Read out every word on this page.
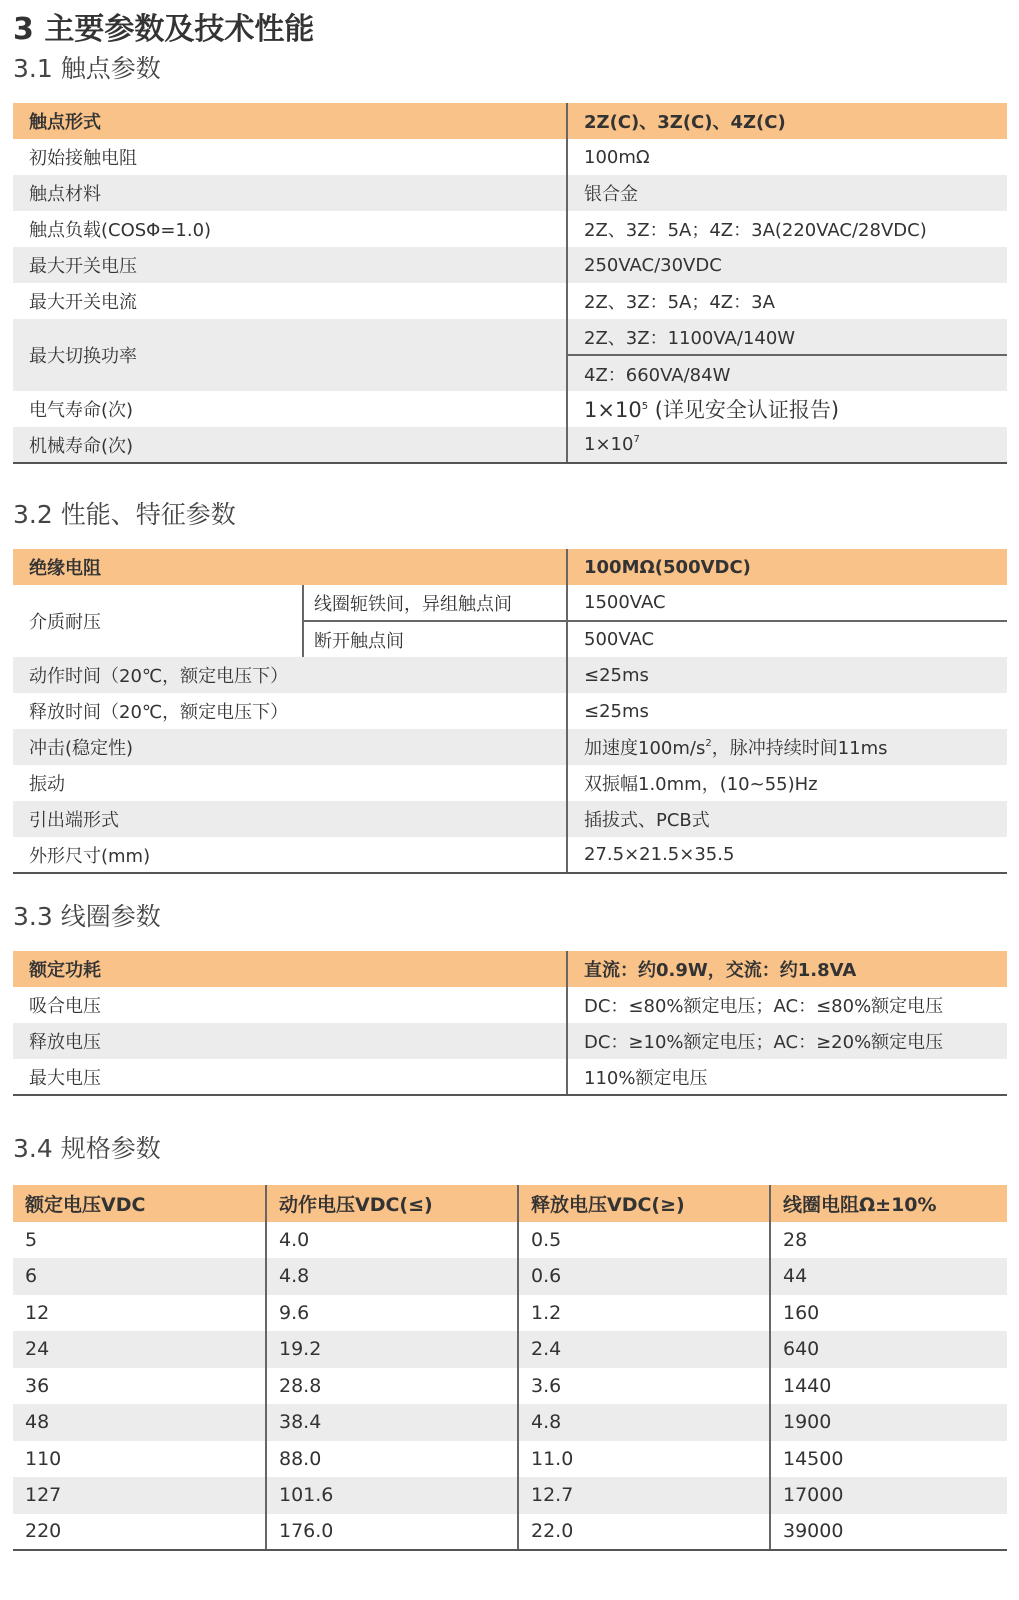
3 主要参数及技术性能
3.1 触点参数
触点形式	2Z(C)、3Z(C)、4Z(C)
初始接触电阻	100mΩ
触点材料	银合金
触点负载(COSΦ=1.0)	2Z、3Z：5A；4Z：3A(220VAC/28VDC)
最大开关电压	250VAC/30VDC
最大开关电流	2Z、3Z：5A；4Z：3A
最大切换功率	2Z、3Z：1100VA/140W
	4Z：660VA/84W
电气寿命(次)	$1\times 10^5$ (详见安全认证报告)
机械寿命(次)	$1\times 10^7$
3.2 性能、特征参数
绝缘电阻		100MΩ(500VDC)
介质耐压	线圈轭铁间，异组触点间	1500VAC
	断开触点间	500VAC
动作时间（20℃，额定电压下）		≤25ms
释放时间（20℃，额定电压下）		≤25ms
冲击(稳定性)		加速度$100m/s^2$，脉冲持续时间11ms
振动		双振幅1.0mm，(10~55)Hz
引出端形式		插拔式、PCB式
外形尺寸(mm)		27.5×21.5×35.5
3.3 线圈参数
额定功耗	直流：约0.9W，交流：约1.8VA
吸合电压	DC：≤80%额定电压；AC：≤80%额定电压
释放电压	DC：≥10%额定电压；AC：≥20%额定电压
最大电压	110%额定电压
3.4 规格参数
额定电压VDC	动作电压VDC(≤)	释放电压VDC(≥)	线圈电阻Ω±10%
5	4.0	0.5	28
6	4.8	0.6	44
12	9.6	1.2	160
24	19.2	2.4	640
36	28.8	3.6	1440
48	38.4	4.8	1900
110	88.0	11.0	14500
127	101.6	12.7	17000
220	176.0	22.0	39000
